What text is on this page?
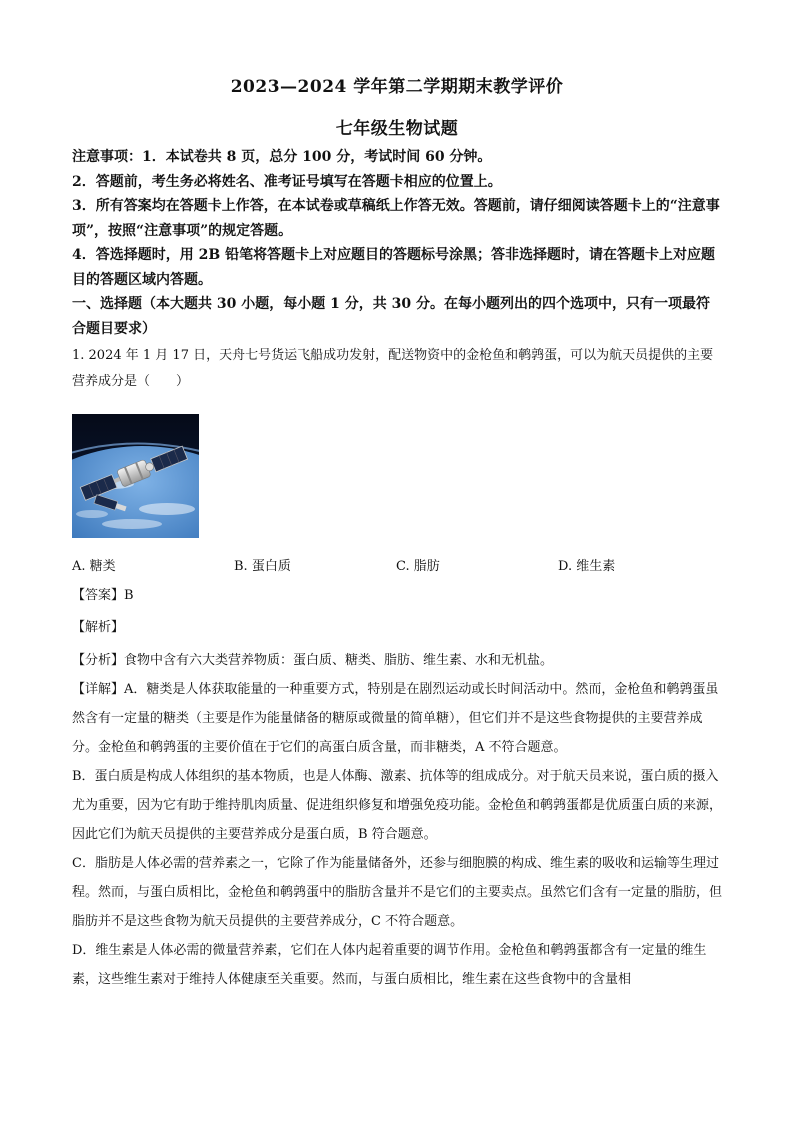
2023—2024 学年第二学期期末教学评价
七年级生物试题

注意事项：1．本试卷共 8 页，总分 100 分，考试时间 60 分钟。

2．答题前，考生务必将姓名、准考证号填写在答题卡相应的位置上。

3．所有答案均在答题卡上作答，在本试卷或草稿纸上作答无效。答题前，请仔细阅读答题卡上的“注意事项”，按照“注意事项”的规定答题。

4．答选择题时，用 2B 铅笔将答题卡上对应题目的答题标号涂黑；答非选择题时，请在答题卡上对应题目的答题区域内答题。

一、选择题（本大题共 30 小题，每小题 1 分，共 30 分。在每小题列出的四个选项中，只有一项最符合题目要求）

1. 2024 年 1 月 17 日，天舟七号货运飞船成功发射，配送物资中的金枪鱼和鹌鹑蛋，可以为航天员提供的主要营养成分是（　　）

A. 糖类	B. 蛋白质	C. 脂肪	D. 维生素
【答案】B
【解析】

【分析】食物中含有六大类营养物质：蛋白质、糖类、脂肪、维生素、水和无机盐。

【详解】A．糖类是人体获取能量的一种重要方式，特别是在剧烈运动或长时间活动中。然而，金枪鱼和鹌鹑蛋虽然含有一定量的糖类（主要是作为能量储备的糖原或微量的简单糖），但它们并不是这些食物提供的主要营养成分。金枪鱼和鹌鹑蛋的主要价值在于它们的高蛋白质含量，而非糖类，A 不符合题意。

B．蛋白质是构成人体组织的基本物质，也是人体酶、激素、抗体等的组成成分。对于航天员来说，蛋白质的摄入尤为重要，因为它有助于维持肌肉质量、促进组织修复和增强免疫功能。金枪鱼和鹌鹑蛋都是优质蛋白质的来源，因此它们为航天员提供的主要营养成分是蛋白质，B 符合题意。

C．脂肪是人体必需的营养素之一，它除了作为能量储备外，还参与细胞膜的构成、维生素的吸收和运输等生理过程。然而，与蛋白质相比，金枪鱼和鹌鹑蛋中的脂肪含量并不是它们的主要卖点。虽然它们含有一定量的脂肪，但脂肪并不是这些食物为航天员提供的主要营养成分，C 不符合题意。

D．维生素是人体必需的微量营养素，它们在人体内起着重要的调节作用。金枪鱼和鹌鹑蛋都含有一定量的维生素，这些维生素对于维持人体健康至关重要。然而，与蛋白质相比，维生素在这些食物中的含量相
